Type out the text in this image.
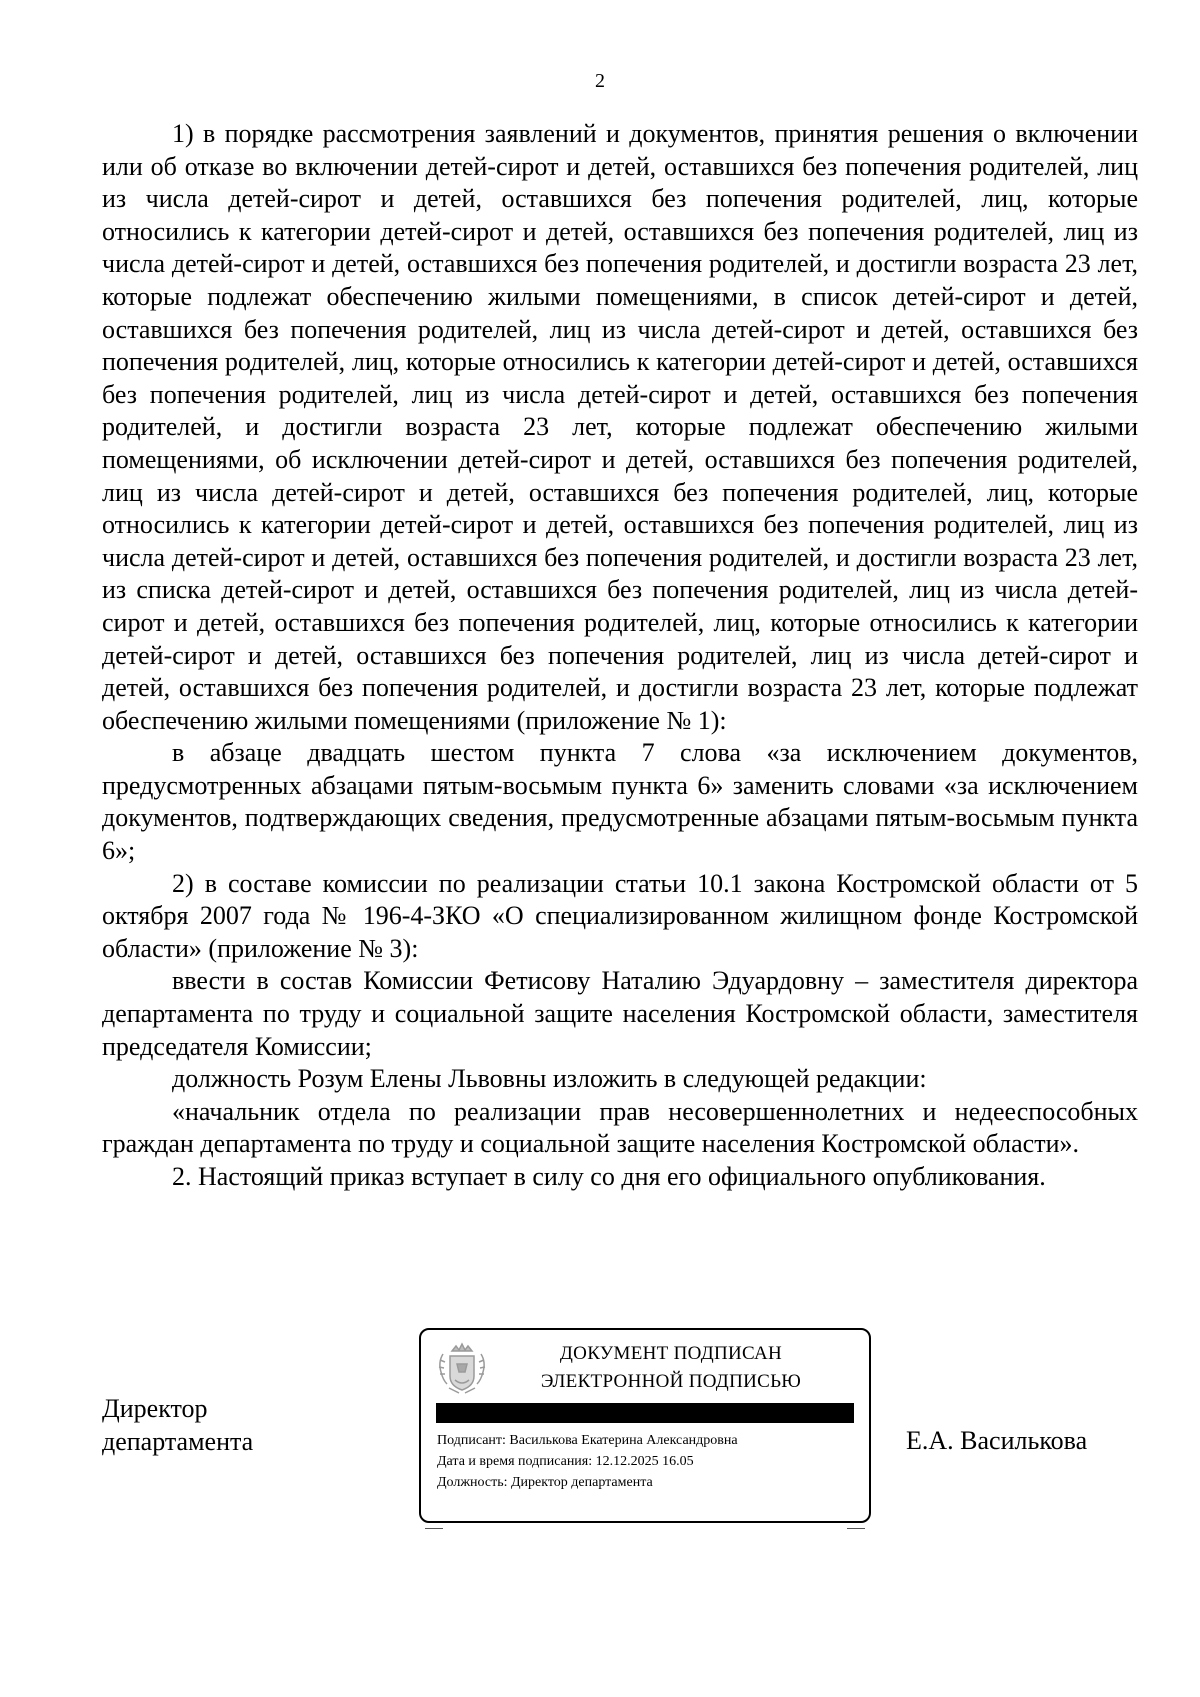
2

1) в порядке рассмотрения заявлений и документов, принятия решения о включении или об отказе во включении детей-сирот и детей, оставшихся без попечения родителей, лиц из числа детей-сирот и детей, оставшихся без попечения родителей, лиц, которые относились к категории детей-сирот и детей, оставшихся без попечения родителей, лиц из числа детей-сирот и детей, оставшихся без попечения родителей, и достигли возраста 23 лет, которые подлежат обеспечению жилыми помещениями, в список детей-сирот и детей, оставшихся без попечения родителей, лиц из числа детей-сирот и детей, оставшихся без попечения родителей, лиц, которые относились к категории детей-сирот и детей, оставшихся без попечения родителей, лиц из числа детей-сирот и детей, оставшихся без попечения родителей, и достигли возраста 23 лет, которые подлежат обеспечению жилыми помещениями, об исключении детей-сирот и детей, оставшихся без попечения родителей, лиц из числа детей-сирот и детей, оставшихся без попечения родителей, лиц, которые относились к категории детей-сирот и детей, оставшихся без попечения родителей, лиц из числа детей-сирот и детей, оставшихся без попечения родителей, и достигли возраста 23 лет, из списка детей-сирот и детей, оставшихся без попечения родителей, лиц из числа детей-сирот и детей, оставшихся без попечения родителей, лиц, которые относились к категории детей-сирот и детей, оставшихся без попечения родителей, лиц из числа детей-сирот и детей, оставшихся без попечения родителей, и достигли возраста 23 лет, которые подлежат обеспечению жилыми помещениями (приложение № 1):

в абзаце двадцать шестом пункта 7 слова «за исключением документов, предусмотренных абзацами пятым-восьмым пункта 6» заменить словами «за исключением документов, подтверждающих сведения, предусмотренные абзацами пятым-восьмым пункта 6»;

2) в составе комиссии по реализации статьи 10.1 закона Костромской области от 5 октября 2007 года № 196-4-ЗКО «О специализированном жилищном фонде Костромской области» (приложение № 3):

ввести в состав Комиссии Фетисову Наталию Эдуардовну – заместителя директора департамента по труду и социальной защите населения Костромской области, заместителя председателя Комиссии;

должность Розум Елены Львовны изложить в следующей редакции:

«начальник отдела по реализации прав несовершеннолетних и недееспособных граждан департамента по труду и социальной защите населения Костромской области».

2. Настоящий приказ вступает в силу со дня его официального опубликования.

Директор
департамента
ДОКУМЕНТ ПОДПИСАН
ЭЛЕКТРОННОЙ ПОДПИСЬЮ
Подписант: Василькова Екатерина Александровна
Дата и время подписания: 12.12.2025 16.05
Должность: Директор департамента
Е.А. Василькова
